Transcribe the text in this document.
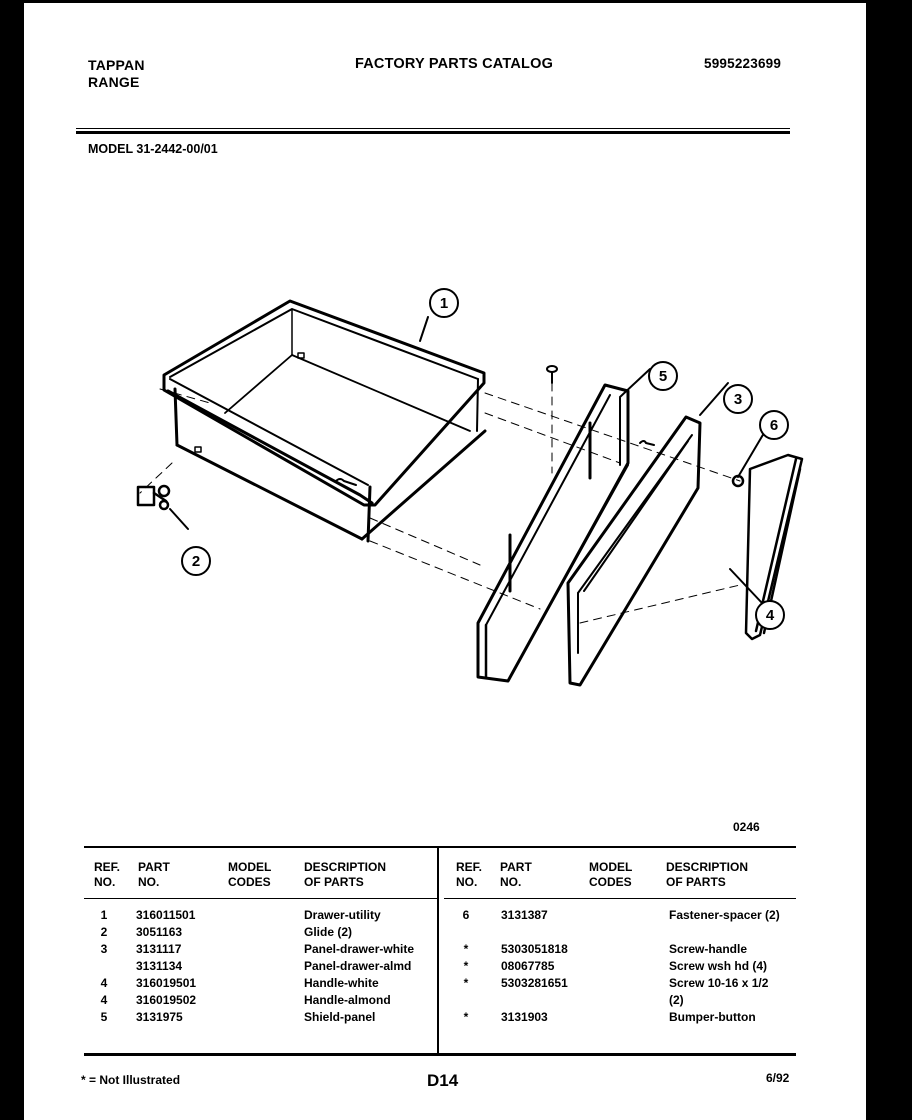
TAPPAN
RANGE
FACTORY PARTS CATALOG	5995223699
MODEL 31-2442-00/01
1
2
3
4
5
6
0246
REF.
NO.
PART
NO.
MODEL
CODES
DESCRIPTION
OF PARTS
1	316011501	Drawer-utility
2	3051163	Glide (2)
3	3131117	Panel-drawer-white
3131134	Panel-drawer-almd
4	316019501	Handle-white
4	316019502	Handle-almond
5	3131975	Shield-panel
REF.
NO.
PART
NO.
MODEL
CODES
DESCRIPTION
OF PARTS
6	3131387	Fastener-spacer (2)
*	5303051818	Screw-handle
*	08067785	Screw wsh hd (4)
*	5303281651	Screw 10-16 x 1/2
(2)
*	3131903	Bumper-button
* = Not Illustrated	D14	6/92
